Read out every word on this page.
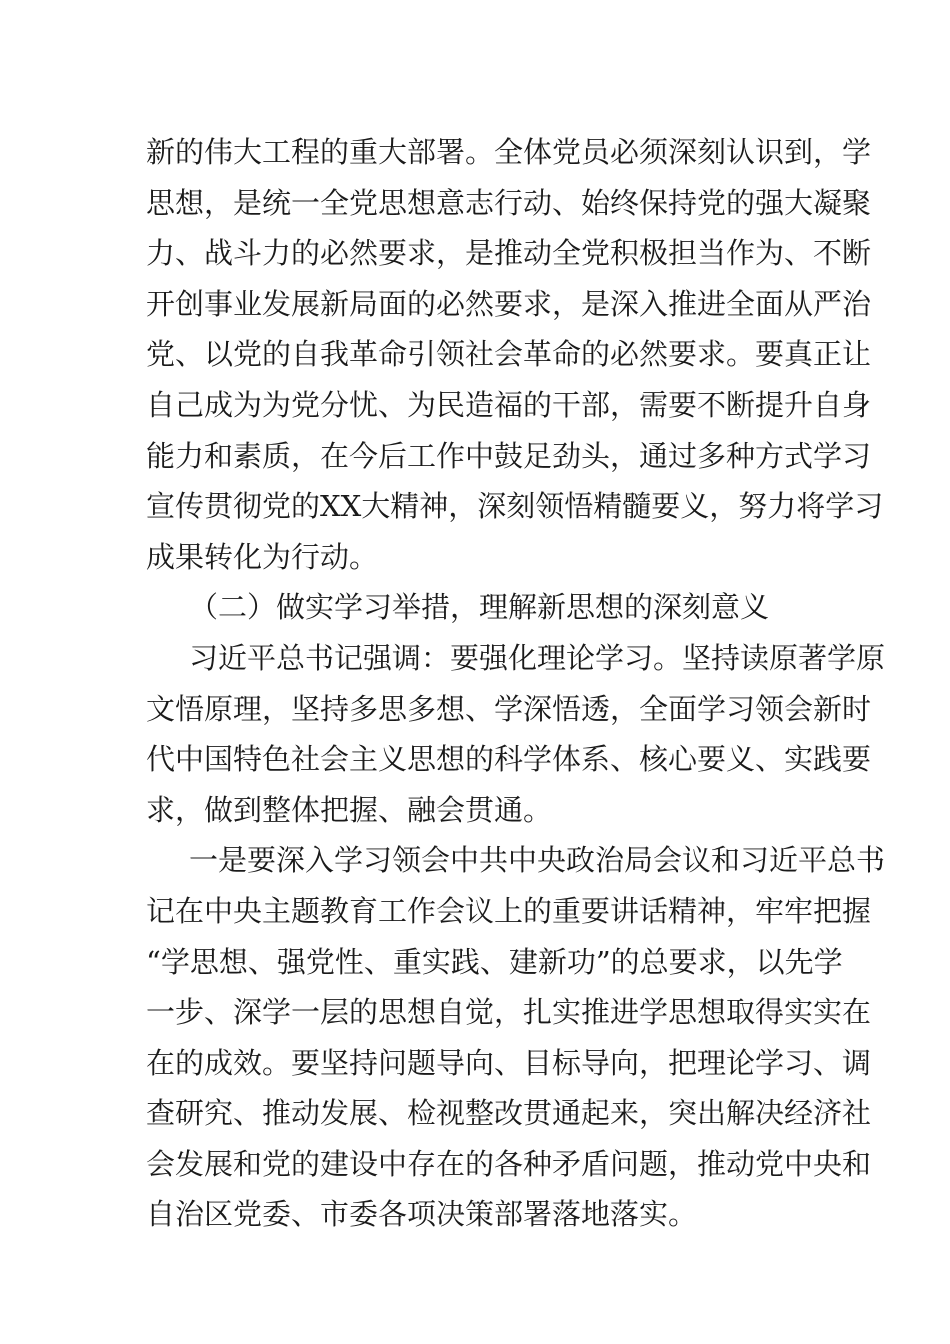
新的伟大工程的重大部署。全体党员必须深刻认识到，学
思想，是统一全党思想意志行动、始终保持党的强大凝聚
力、战斗力的必然要求，是推动全党积极担当作为、不断
开创事业发展新局面的必然要求，是深入推进全面从严治
党、以党的自我革命引领社会革命的必然要求。要真正让
自己成为为党分忧、为民造福的干部，需要不断提升自身
能力和素质，在今后工作中鼓足劲头，通过多种方式学习
宣传贯彻党的XX大精神，深刻领悟精髓要义，努力将学习
成果转化为行动。
（二）做实学习举措，理解新思想的深刻意义
习近平总书记强调：要强化理论学习。坚持读原著学原
文悟原理，坚持多思多想、学深悟透，全面学习领会新时
代中国特色社会主义思想的科学体系、核心要义、实践要
求，做到整体把握、融会贯通。
一是要深入学习领会中共中央政治局会议和习近平总书
记在中央主题教育工作会议上的重要讲话精神，牢牢把握
“学思想、强党性、重实践、建新功”的总要求，以先学
一步、深学一层的思想自觉，扎实推进学思想取得实实在
在的成效。要坚持问题导向、目标导向，把理论学习、调
查研究、推动发展、检视整改贯通起来，突出解决经济社
会发展和党的建设中存在的各种矛盾问题，推动党中央和
自治区党委、市委各项决策部署落地落实。
